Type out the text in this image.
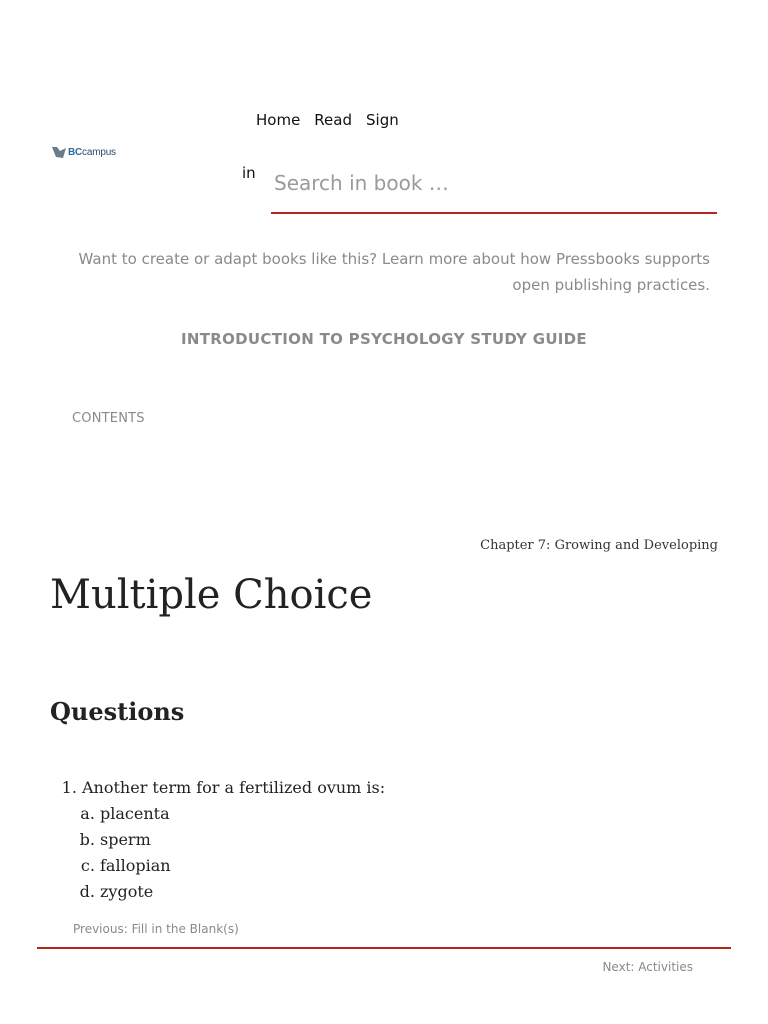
BCcampus
Home Read Sign
in
Search in book …
Want to create or adapt books like this? Learn more about how Pressbooks supports open publishing practices.
INTRODUCTION TO PSYCHOLOGY STUDY GUIDE
CONTENTS
Chapter 7: Growing and Developing
Multiple Choice
Questions
1. Another term for a fertilized ovum is:
a. placenta
b. sperm
c. fallopian
d. zygote
Previous: Fill in the Blank(s)
Next: Activities
